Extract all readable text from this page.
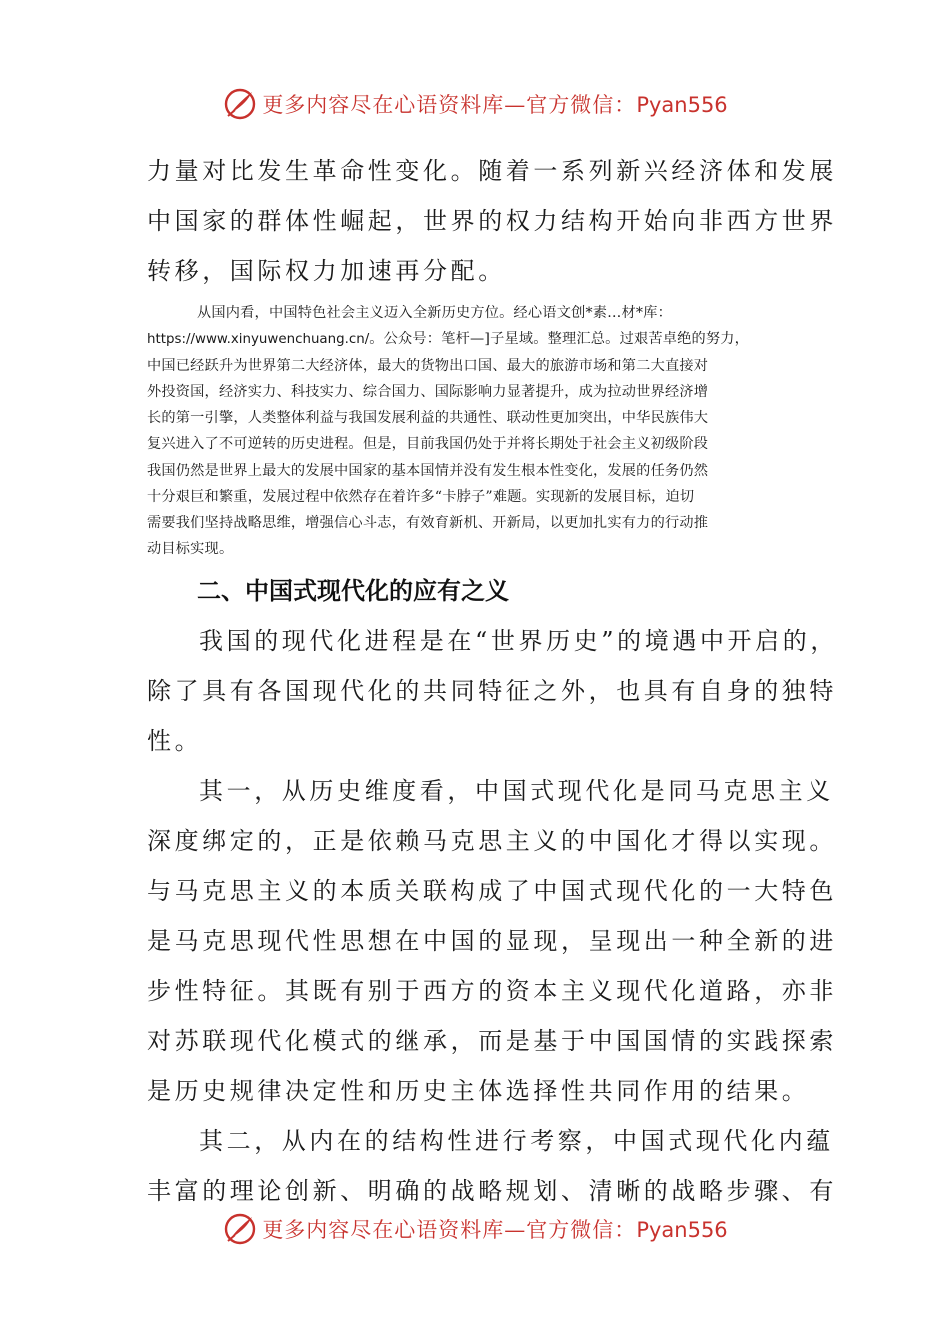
更多内容尽在心语资料库—官方微信：Pyan556

力量对比发生革命性变化。随着一系列新兴经济体和发展

中国家的群体性崛起，世界的权力结构开始向非西方世界

转移，国际权力加速再分配。

从国内看，中国特色社会主义迈入全新历史方位。经心语文创*素…材*库：

https://www.xinyuwenchuang.cn/。公众号：笔杆—]子星域。整理汇总。过艰苦卓绝的努力，

中国已经跃升为世界第二大经济体，最大的货物出口国、最大的旅游市场和第二大直接对

外投资国，经济实力、科技实力、综合国力、国际影响力显著提升，成为拉动世界经济增

长的第一引擎，人类整体利益与我国发展利益的共通性、联动性更加突出，中华民族伟大

复兴进入了不可逆转的历史进程。但是，目前我国仍处于并将长期处于社会主义初级阶段

我国仍然是世界上最大的发展中国家的基本国情并没有发生根本性变化，发展的任务仍然

十分艰巨和繁重，发展过程中依然存在着许多“卡脖子”难题。实现新的发展目标，迫切

需要我们坚持战略思维，增强信心斗志，有效育新机、开新局，以更加扎实有力的行动推

动目标实现。

二、中国式现代化的应有之义

我国的现代化进程是在“世界历史”的境遇中开启的，

除了具有各国现代化的共同特征之外，也具有自身的独特

性。

其一，从历史维度看，中国式现代化是同马克思主义

深度绑定的，正是依赖马克思主义的中国化才得以实现。

与马克思主义的本质关联构成了中国式现代化的一大特色

是马克思现代性思想在中国的显现，呈现出一种全新的进

步性特征。其既有别于西方的资本主义现代化道路，亦非

对苏联现代化模式的继承，而是基于中国国情的实践探索

是历史规律决定性和历史主体选择性共同作用的结果。

其二，从内在的结构性进行考察，中国式现代化内蕴

丰富的理论创新、明确的战略规划、清晰的战略步骤、有

更多内容尽在心语资料库—官方微信：Pyan556
